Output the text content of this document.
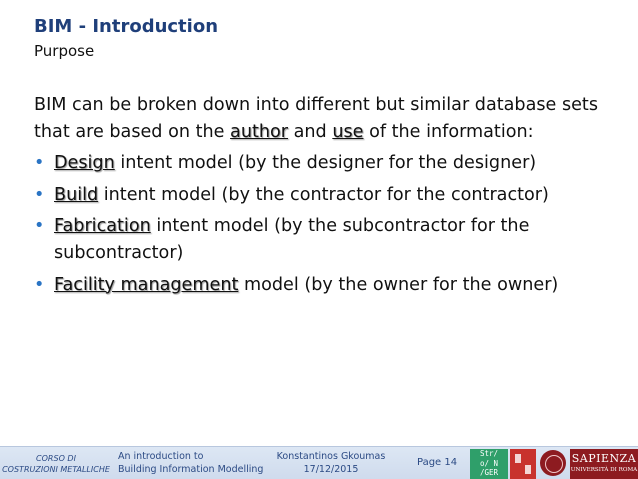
BIM - Introduction
Purpose

BIM can be broken down into different but similar database sets that are based on the author and use of the information:

• Design intent model (by the designer for the designer)
• Build intent model (by the contractor for the contractor)
• Fabrication intent model (by the subcontractor for the subcontractor)
• Facility management model (by the owner for the owner)
CORSO DI
COSTRUZIONI METALLICHE
An introduction to
Building Information Modelling
Konstantinos Gkoumas
17/12/2015
Page 14
Str/
o/ N
/GER
SAPIENZA
UNIVERSITÀ DI ROMA
